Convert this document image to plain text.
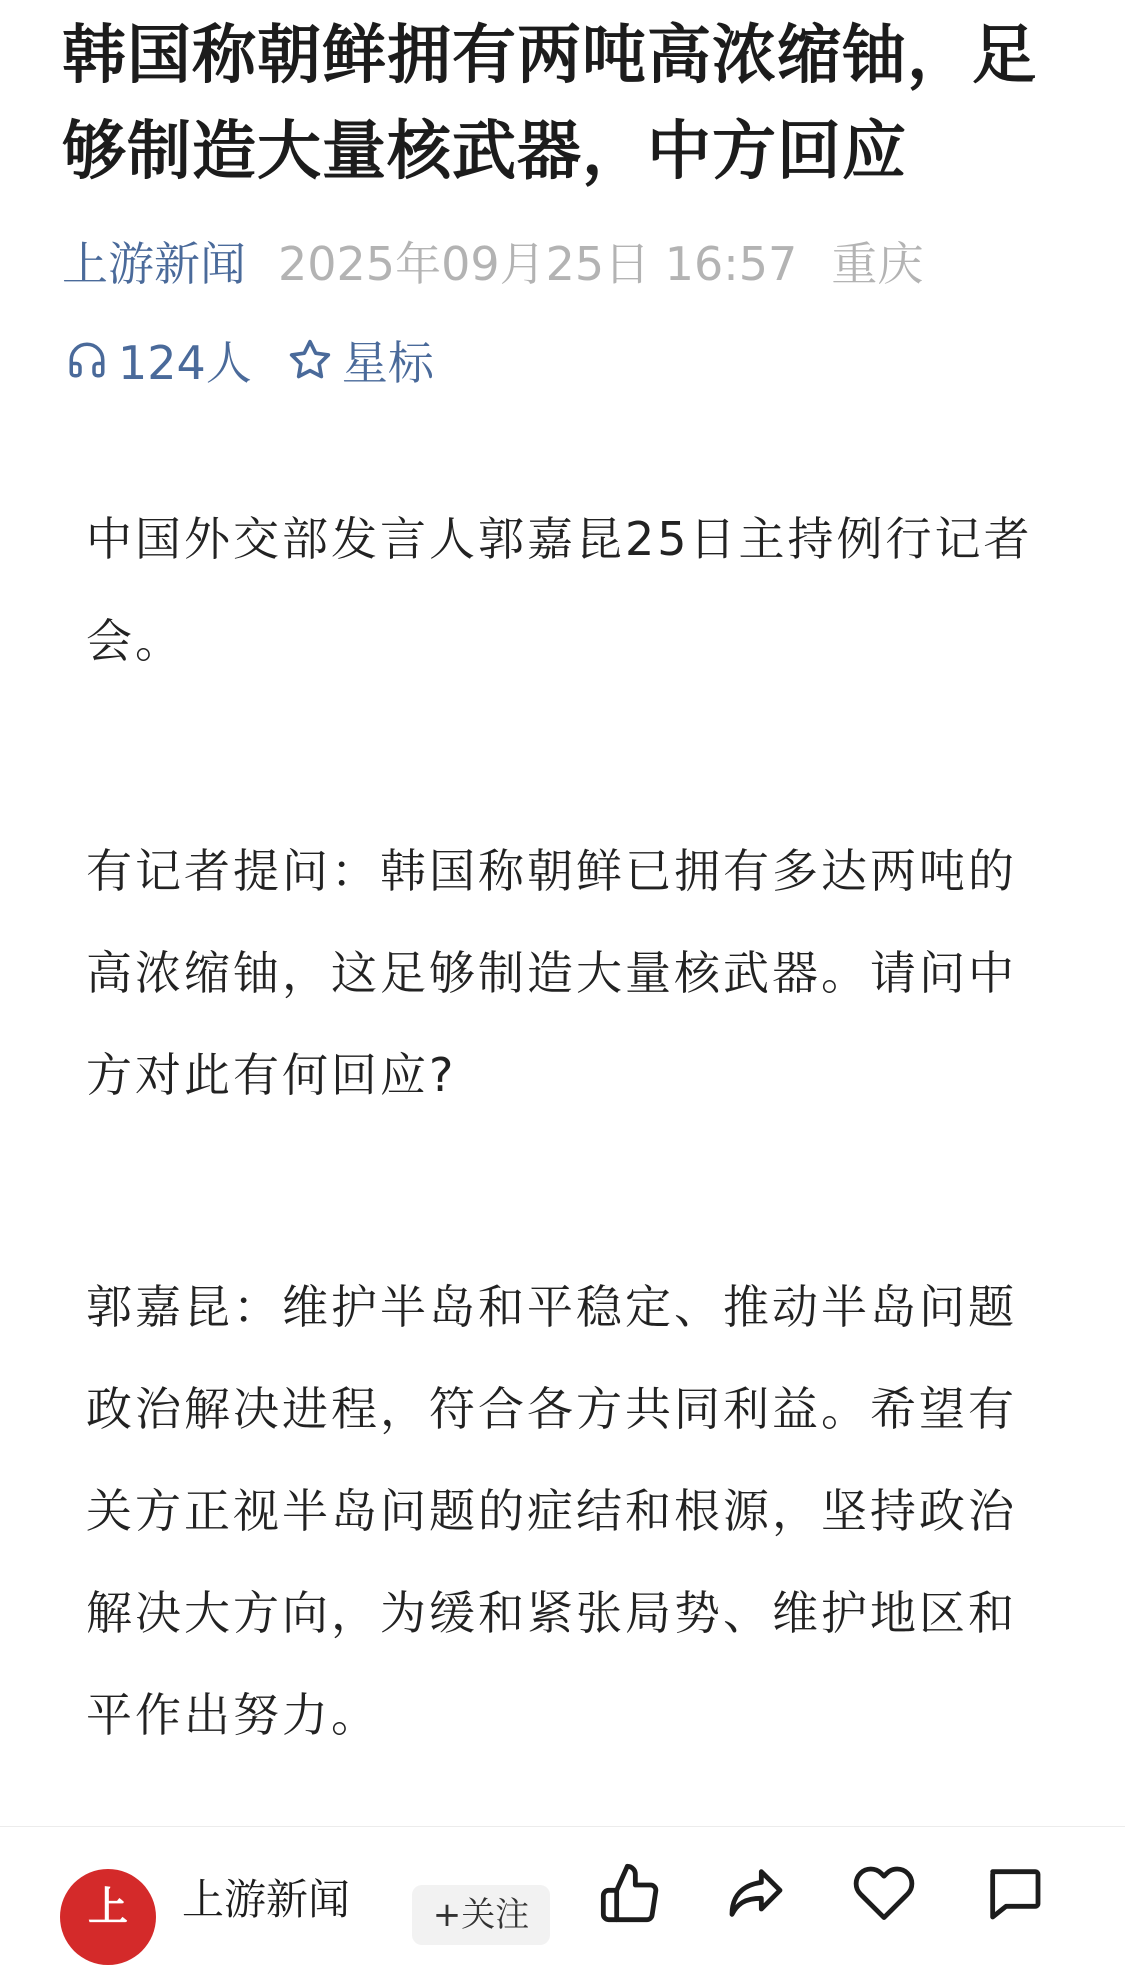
韩国称朝鲜拥有两吨高浓缩铀，足够制造大量核武器，中方回应
上游新闻 2025年09月25日 16:57 重庆
124人 星标

中国外交部发言人郭嘉昆25日主持例行记者会。

有记者提问：韩国称朝鲜已拥有多达两吨的高浓缩铀，这足够制造大量核武器。请问中方对此有何回应?

郭嘉昆：维护半岛和平稳定、推动半岛问题政治解决进程，符合各方共同利益。希望有关方正视半岛问题的症结和根源，坚持政治解决大方向，为缓和紧张局势、维护地区和平作出努力。

上 上游新闻	+关注
